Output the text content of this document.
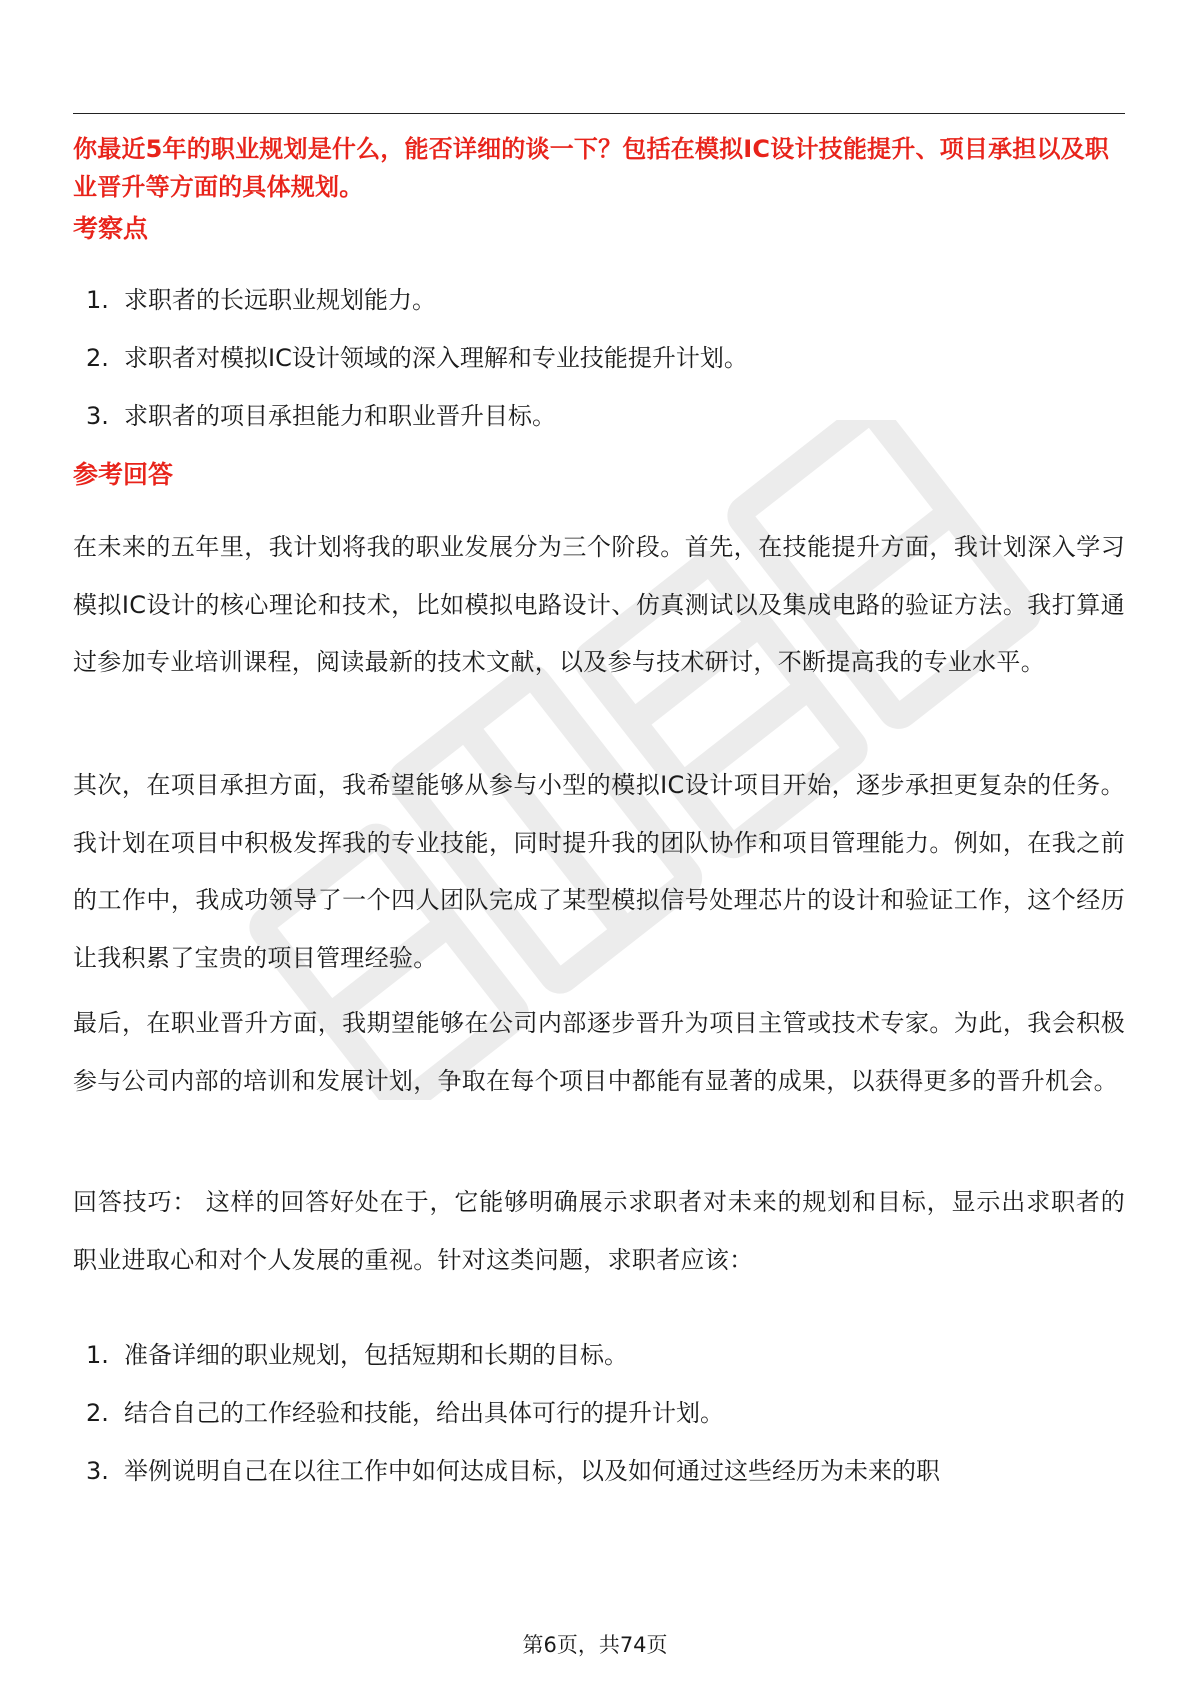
你最近5年的职业规划是什么，能否详细的谈一下？包括在模拟IC设计技能提升、项目承担以及职业晋升等方面的具体规划。

考察点
1. 求职者的长远职业规划能力。
2. 求职者对模拟IC设计领域的深入理解和专业技能提升计划。
3. 求职者的项目承担能力和职业晋升目标。
参考回答

在未来的五年里，我计划将我的职业发展分为三个阶段。首先，在技能提升方面，我计划深入学习模拟IC设计的核心理论和技术，比如模拟电路设计、仿真测试以及集成电路的验证方法。我打算通过参加专业培训课程，阅读最新的技术文献，以及参与技术研讨，不断提高我的专业水平。

其次，在项目承担方面，我希望能够从参与小型的模拟IC设计项目开始，逐步承担更复杂的任务。我计划在项目中积极发挥我的专业技能，同时提升我的团队协作和项目管理能力。例如，在我之前的工作中，我成功领导了一个四人团队完成了某型模拟信号处理芯片的设计和验证工作，这个经历让我积累了宝贵的项目管理经验。

最后，在职业晋升方面，我期望能够在公司内部逐步晋升为项目主管或技术专家。为此，我会积极参与公司内部的培训和发展计划，争取在每个项目中都能有显著的成果，以获得更多的晋升机会。

回答技巧： 这样的回答好处在于，它能够明确展示求职者对未来的规划和目标，显示出求职者的职业进取心和对个人发展的重视。针对这类问题，求职者应该：

1. 准备详细的职业规划，包括短期和长期的目标。
2. 结合自己的工作经验和技能，给出具体可行的提升计划。
3. 举例说明自己在以往工作中如何达成目标，以及如何通过这些经历为未来的职
第6页，共74页
